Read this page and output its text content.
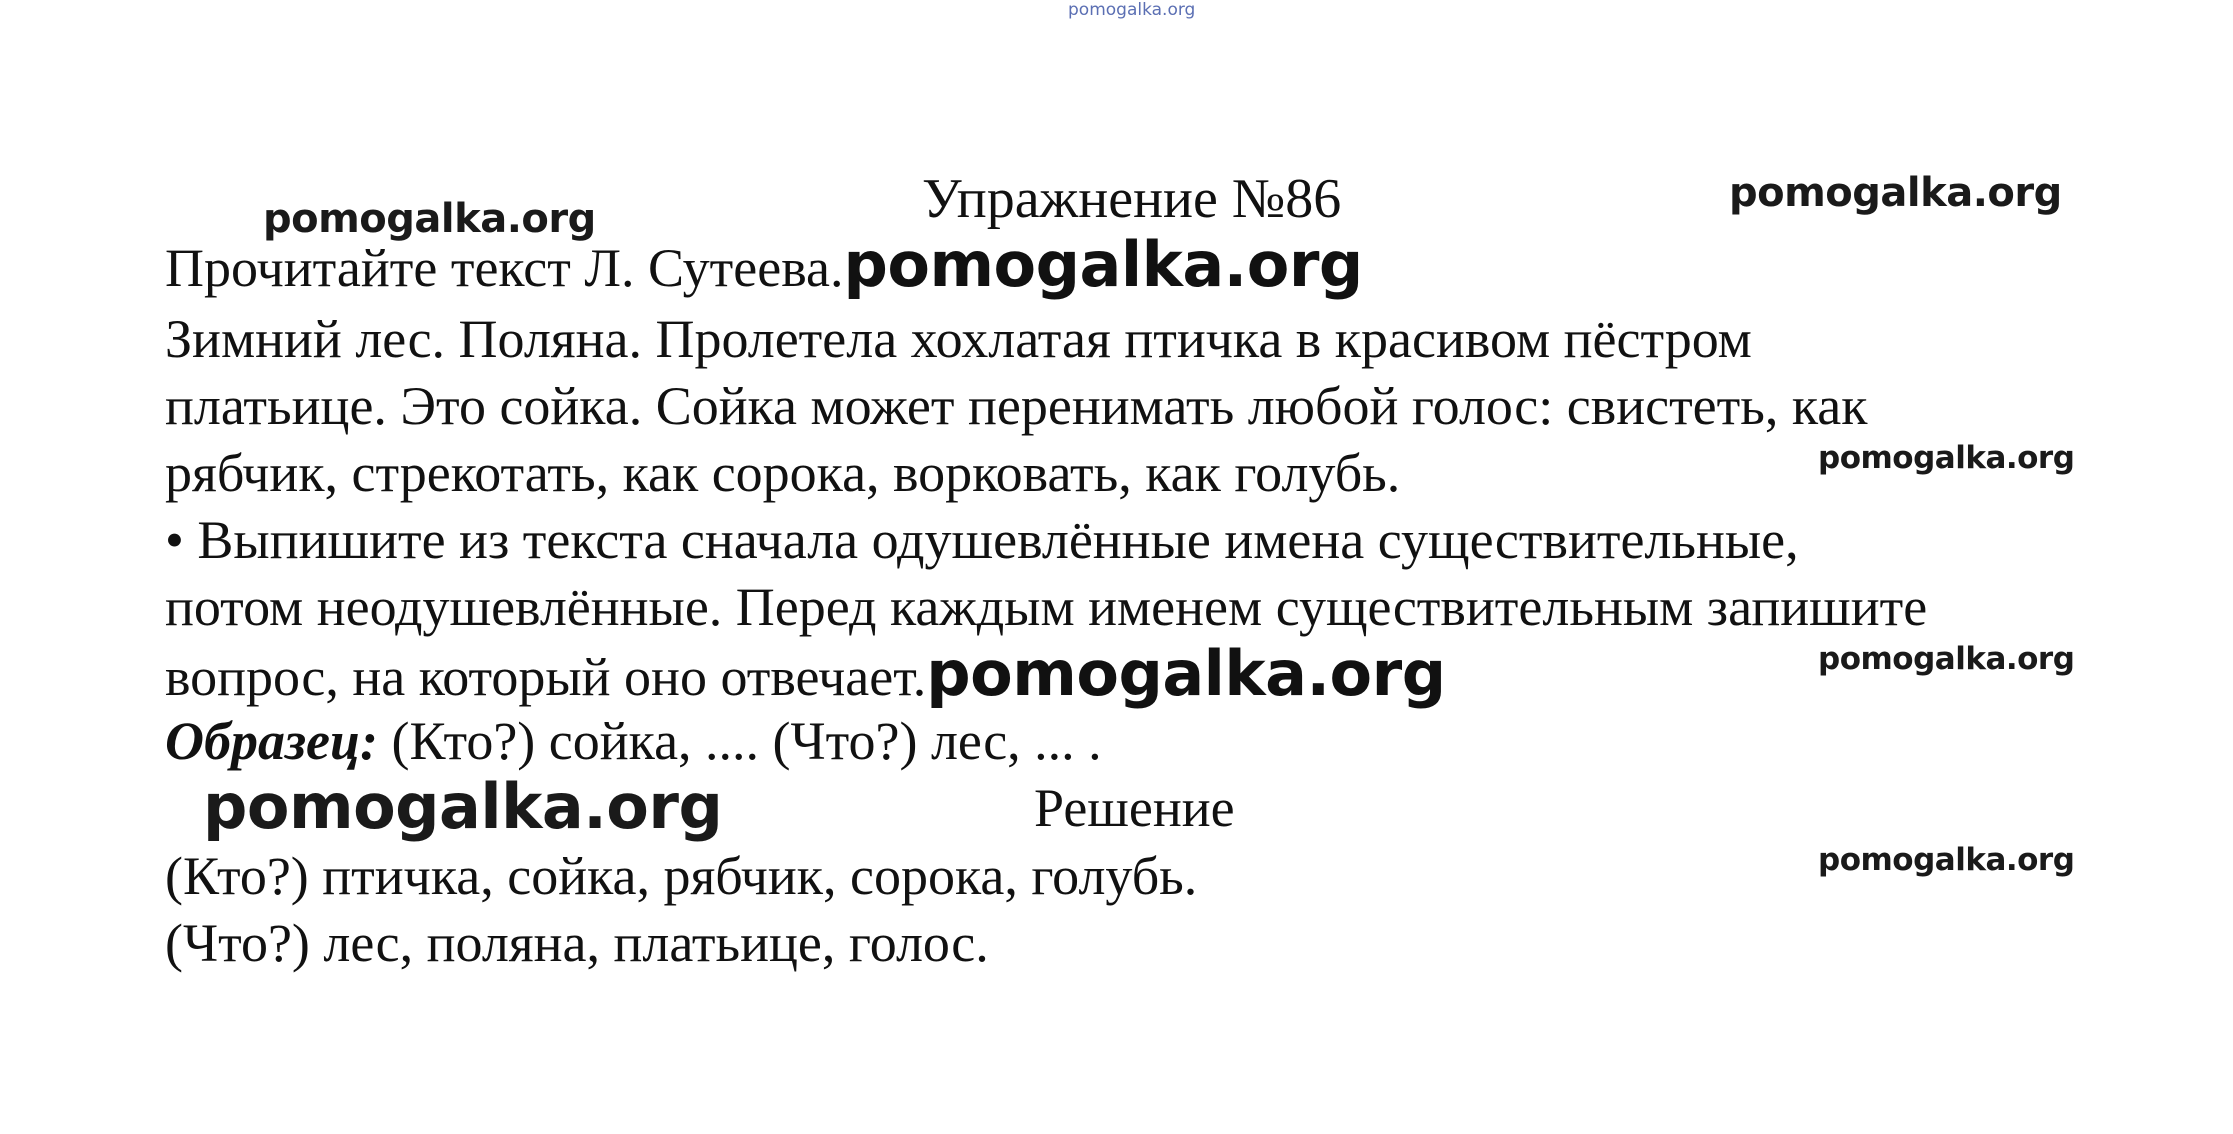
pomogalka.org
pomogalka.org
pomogalka.org
Упражнение №86
Прочитайте текст Л. Сутеева.pomogalka.org
Зимний лес. Поляна. Пролетела хохлатая птичка в красивом пёстром
платьице. Это сойка. Сойка может перенимать любой голос: свистеть, как
рябчик, стрекотать, как сорока, ворковать, как голубь.	pomogalka.org
• Выпишите из текста сначала одушевлённые имена существительные,
потом неодушевлённые. Перед каждым именем существительным запишите
вопрос, на который оно отвечает.pomogalka.org	pomogalka.org
Образец: (Кто?) сойка, .... (Что?) лес, ... .
pomogalka.org	Решение
(Кто?) птичка, сойка, рябчик, сорока, голубь.	pomogalka.org
(Что?) лес, поляна, платьице, голос.
